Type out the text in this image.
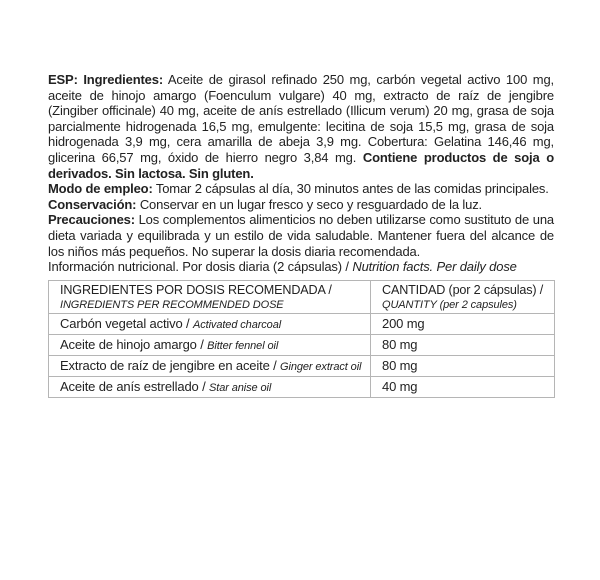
ESP: Ingredientes: Aceite de girasol refinado 250 mg, carbón vegetal activo 100 mg, aceite de hinojo amargo (Foenculum vulgare) 40 mg, extracto de raíz de jengibre (Zingiber officinale) 40 mg, aceite de anís estrellado (Illicum verum) 20 mg, grasa de soja parcialmente hidrogenada 16,5 mg, emulgente: lecitina de soja 15,5 mg, grasa de soja hidrogenada 3,9 mg, cera amarilla de abeja 3,9 mg. Cobertura: Gelatina 146,46 mg, glicerina 66,57 mg, óxido de hierro negro 3,84 mg. Contiene productos de soja o derivados. Sin lactosa. Sin gluten.

Modo de empleo: Tomar 2 cápsulas al día, 30 minutos antes de las comidas principales.

Conservación: Conservar en un lugar fresco y seco y resguardado de la luz.

Precauciones: Los complementos alimenticios no deben utilizarse como sustituto de una dieta variada y equilibrada y un estilo de vida saludable. Mantener fuera del alcance de los niños más pequeños. No superar la dosis diaria recomendada.

Información nutricional. Por dosis diaria (2 cápsulas) / Nutrition facts. Per daily dose

INGREDIENTES POR DOSIS RECOMENDADA /
INGREDIENTS PER RECOMMENDED DOSE	CANTIDAD (por 2 cápsulas) /
QUANTITY (per 2 capsules)

Carbón vegetal activo / Activated charcoal	200 mg
Aceite de hinojo amargo / Bitter fennel oil	80 mg
Extracto de raíz de jengibre en aceite / Ginger extract oil	80 mg
Aceite de anís estrellado / Star anise oil	40 mg
